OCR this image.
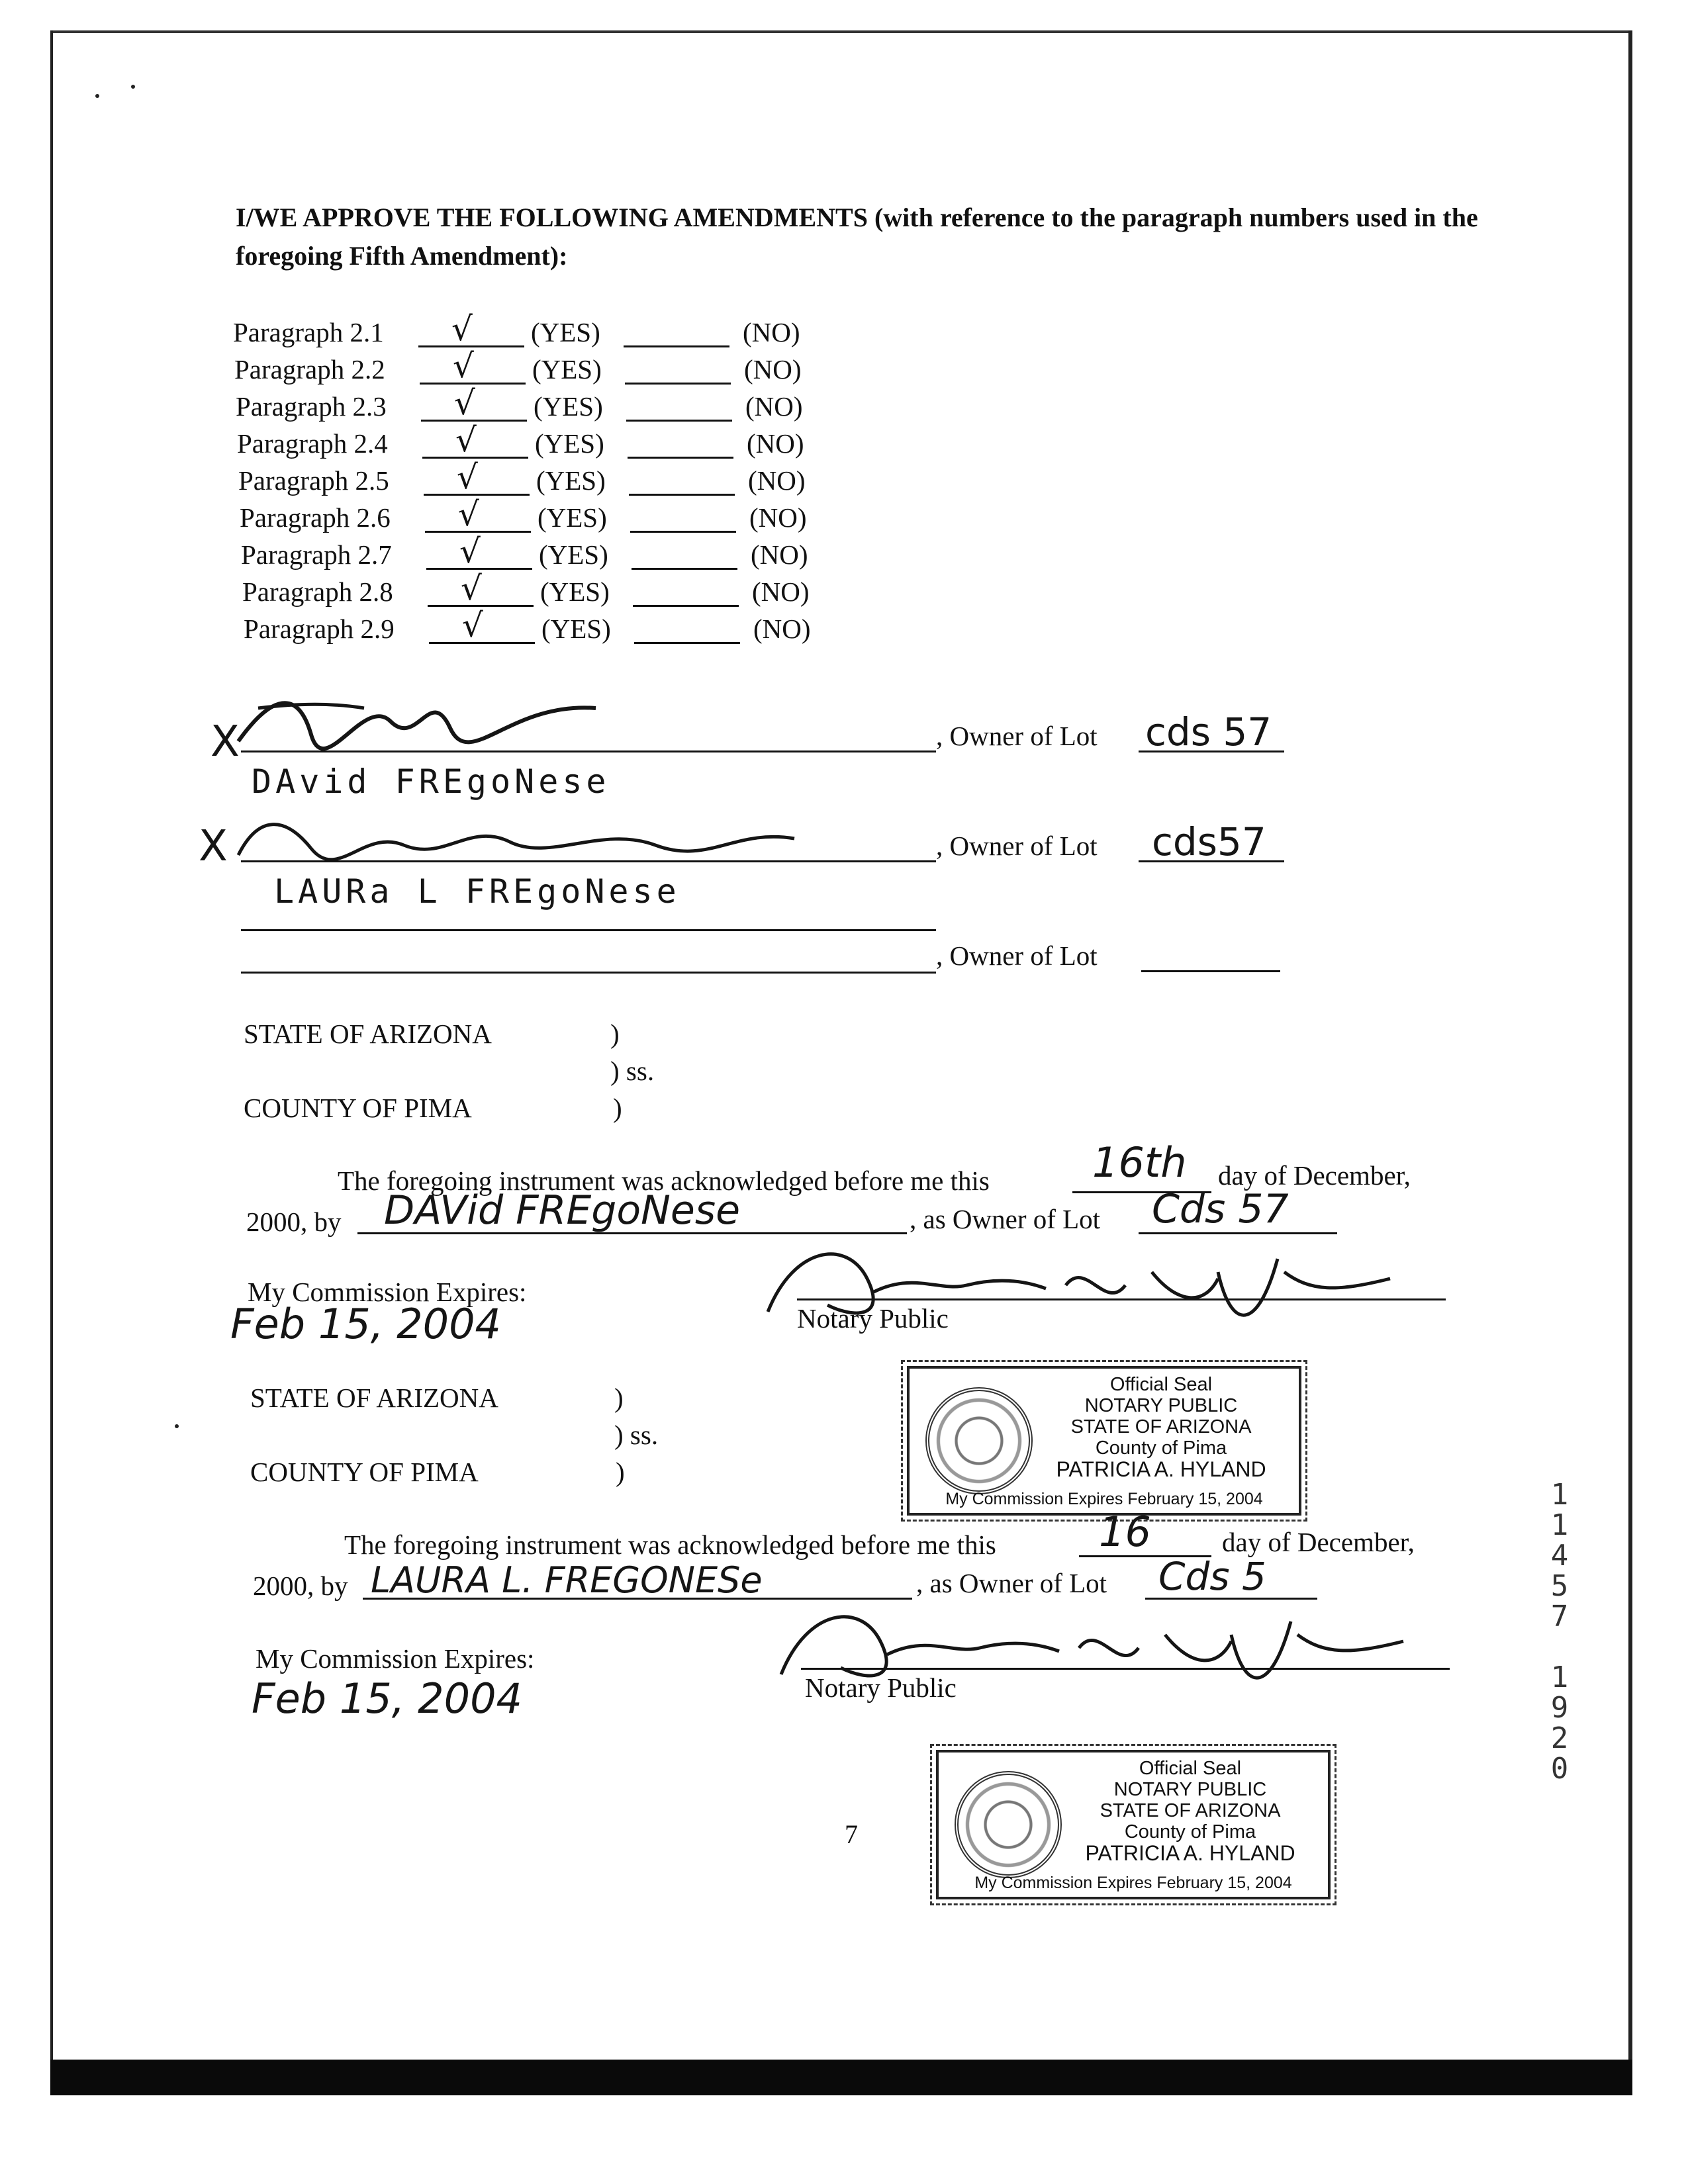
I/WE APPROVE THE FOLLOWING AMENDMENTS (with reference to the paragraph numbers used in the foregoing Fifth Amendment):
Paragraph 2.1 √ (YES)	(NO)
Paragraph 2.2 √ (YES)	(NO)
Paragraph 2.3 √ (YES)	(NO)
Paragraph 2.4 √ (YES)	(NO)
Paragraph 2.5 √ (YES)	(NO)
Paragraph 2.6 √ (YES)	(NO)
Paragraph 2.7 √ (YES)	(NO)
Paragraph 2.8 √ (YES)	(NO)
Paragraph 2.9 √ (YES)	(NO)
X	, Owner of Lot cds 57
DAvid FREgoNese
X	, Owner of Lot cds57
LAURa L FREgoNese
, Owner of Lot
STATE OF ARIZONA	)
) ss.
COUNTY OF PIMA	)
The foregoing instrument was acknowledged before me this	16th day of December,
2000, by DAVid FREgoNese	, as Owner of Lot Cds 57
My Commission Expires:
Feb 15, 2004	Notary Public
Official Seal
NOTARY PUBLIC
STATE OF ARIZONA
County of Pima
PATRICIA A. HYLAND
My Commission Expires February 15, 2004
STATE OF ARIZONA	)
) ss.
COUNTY OF PIMA	)
The foregoing instrument was acknowledged before me this	16	day of December,
2000, by LAURA L. FREGONESe	, as Owner of Lot Cds 5
My Commission Expires:
Feb 15, 2004	Notary Public
1
1
4
5
7
1
9
2
0
7
Official Seal
NOTARY PUBLIC
STATE OF ARIZONA
County of Pima
PATRICIA A. HYLAND
My Commission Expires February 15, 2004
